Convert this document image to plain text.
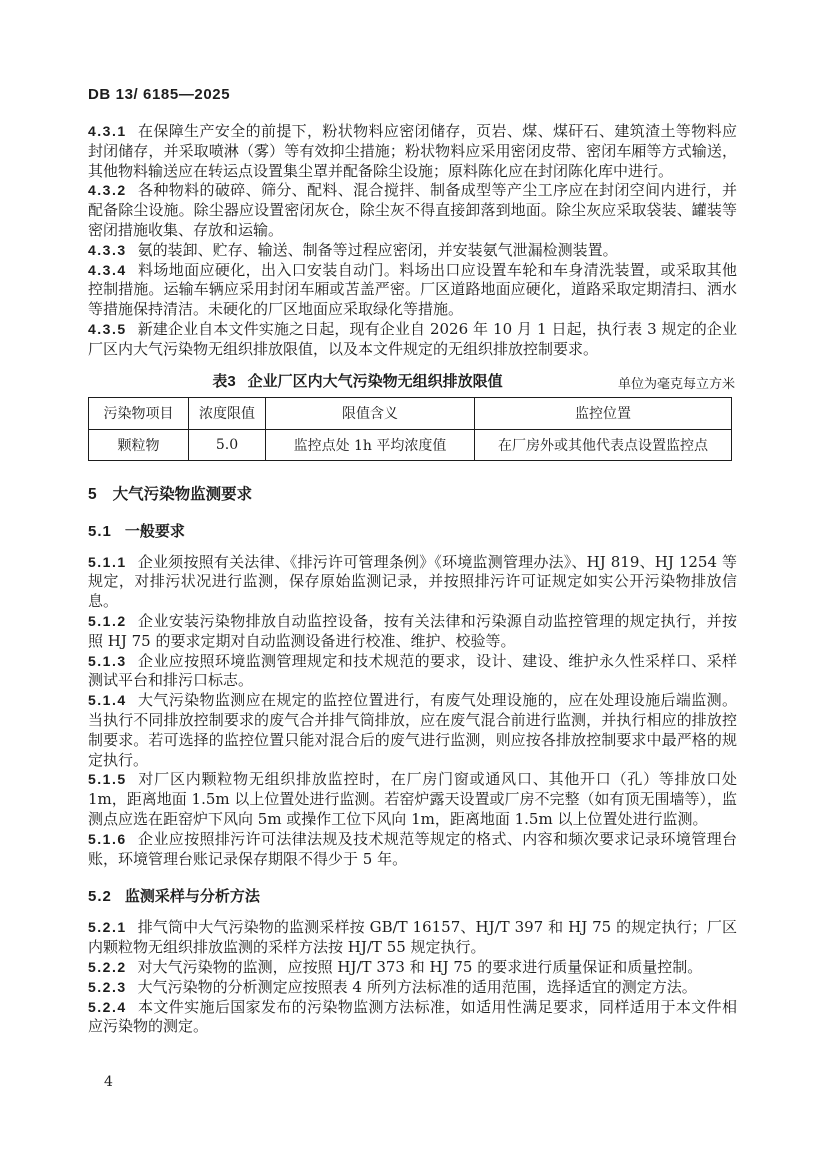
DB 13/ 6185—2025

4.3.1 在保障生产安全的前提下，粉状物料应密闭储存，页岩、煤、煤矸石、建筑渣土等物料应封闭储存，并采取喷淋（雾）等有效抑尘措施；粉状物料应采用密闭皮带、密闭车厢等方式输送，其他物料输送应在转运点设置集尘罩并配备除尘设施；原料陈化应在封闭陈化库中进行。

4.3.2 各种物料的破碎、筛分、配料、混合搅拌、制备成型等产尘工序应在封闭空间内进行，并配备除尘设施。除尘器应设置密闭灰仓，除尘灰不得直接卸落到地面。除尘灰应采取袋装、罐装等密闭措施收集、存放和运输。

4.3.3 氨的装卸、贮存、输送、制备等过程应密闭，并安装氨气泄漏检测装置。

4.3.4 料场地面应硬化，出入口安装自动门。料场出口应设置车轮和车身清洗装置，或采取其他控制措施。运输车辆应采用封闭车厢或苫盖严密。厂区道路地面应硬化，道路采取定期清扫、洒水等措施保持清洁。未硬化的厂区地面应采取绿化等措施。

4.3.5 新建企业自本文件实施之日起，现有企业自 2026 年 10 月 1 日起，执行表 3 规定的企业厂区内大气污染物无组织排放限值，以及本文件规定的无组织排放控制要求。

表3 企业厂区内大气污染物无组织排放限值	单位为毫克每立方米
污染物项目	浓度限值	限值含义	监控位置
颗粒物	5.0	监控点处 1h 平均浓度值	在厂房外或其他代表点设置监控点
5 大气污染物监测要求
5.1 一般要求

5.1.1 企业须按照有关法律、《排污许可管理条例》《环境监测管理办法》、HJ 819、HJ 1254 等规定，对排污状况进行监测，保存原始监测记录，并按照排污许可证规定如实公开污染物排放信息。

5.1.2 企业安装污染物排放自动监控设备，按有关法律和污染源自动监控管理的规定执行，并按照 HJ 75 的要求定期对自动监测设备进行校准、维护、校验等。

5.1.3 企业应按照环境监测管理规定和技术规范的要求，设计、建设、维护永久性采样口、采样测试平台和排污口标志。

5.1.4 大气污染物监测应在规定的监控位置进行，有废气处理设施的，应在处理设施后端监测。当执行不同排放控制要求的废气合并排气筒排放，应在废气混合前进行监测，并执行相应的排放控制要求。若可选择的监控位置只能对混合后的废气进行监测，则应按各排放控制要求中最严格的规定执行。

5.1.5 对厂区内颗粒物无组织排放监控时，在厂房门窗或通风口、其他开口（孔）等排放口处 1m，距离地面 1.5m 以上位置处进行监测。若窑炉露天设置或厂房不完整（如有顶无围墙等），监测点应选在距窑炉下风向 5m 或操作工位下风向 1m，距离地面 1.5m 以上位置处进行监测。

5.1.6 企业应按照排污许可法律法规及技术规范等规定的格式、内容和频次要求记录环境管理台账，环境管理台账记录保存期限不得少于 5 年。

5.2 监测采样与分析方法

5.2.1 排气筒中大气污染物的监测采样按 GB/T 16157、HJ/T 397 和 HJ 75 的规定执行；厂区内颗粒物无组织排放监测的采样方法按 HJ/T 55 规定执行。

5.2.2 对大气污染物的监测，应按照 HJ/T 373 和 HJ 75 的要求进行质量保证和质量控制。

5.2.3 大气污染物的分析测定应按照表 4 所列方法标准的适用范围，选择适宜的测定方法。

5.2.4 本文件实施后国家发布的污染物监测方法标准，如适用性满足要求，同样适用于本文件相应污染物的测定。

4
